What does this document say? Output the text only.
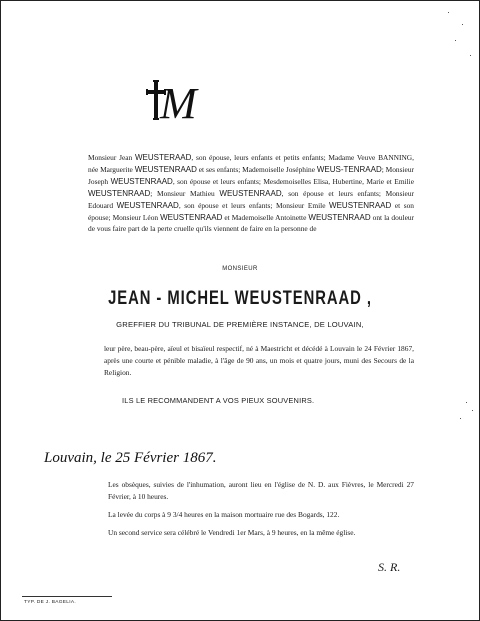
M
Monsieur Jean WEUSTERAAD, son épouse, leurs enfants et petits enfants; Madame Veuve BANNING, née Marguerite WEUSTENRAAD et ses enfants; Mademoiselle Joséphine WEUS-TENRAAD; Monsieur Joseph WEUSTENRAAD, son épouse et leurs enfants; Mesdemoiselles Elisa, Hubertine, Marie et Emilie WEUSTENRAAD; Monsieur Mathieu WEUSTENRAAD, son épouse et leurs enfants; Monsieur Edouard WEUSTENRAAD, son épouse et leurs enfants; Monsieur Emile WEUSTENRAAD et son épouse; Monsieur Léon WEUSTENRAAD et Mademoiselle Antoinette WEUSTENRAAD ont la douleur de vous faire part de la perte cruelle qu'ils viennent de faire en la personne de
MONSIEUR
JEAN - MICHEL WEUSTENRAAD ,
GREFFIER DU TRIBUNAL DE PREMIÈRE INSTANCE, DE LOUVAIN,
leur père, beau-père, aïeul et bisaïeul respectif, né à Maestricht et décédé à Louvain le 24 Février 1867, après une courte et pénible maladie, à l'âge de 90 ans, un mois et quatre jours, muni des Secours de la Religion.
ILS LE RECOMMANDENT A VOS PIEUX SOUVENIRS.
Louvain, le 25 Février 1867.

Les obsèques, suivies de l'inhumation, auront lieu en l'église de N. D. aux Fièvres, le Mercredi 27 Février, à 10 heures.

La levée du corps à 9 3/4 heures en la maison mortuaire rue des Bogards, 122.

Un second service sera célébré le Vendredi 1er Mars, à 9 heures, en la même église.

S. R.
TYP. DE J. BAGELIA.
